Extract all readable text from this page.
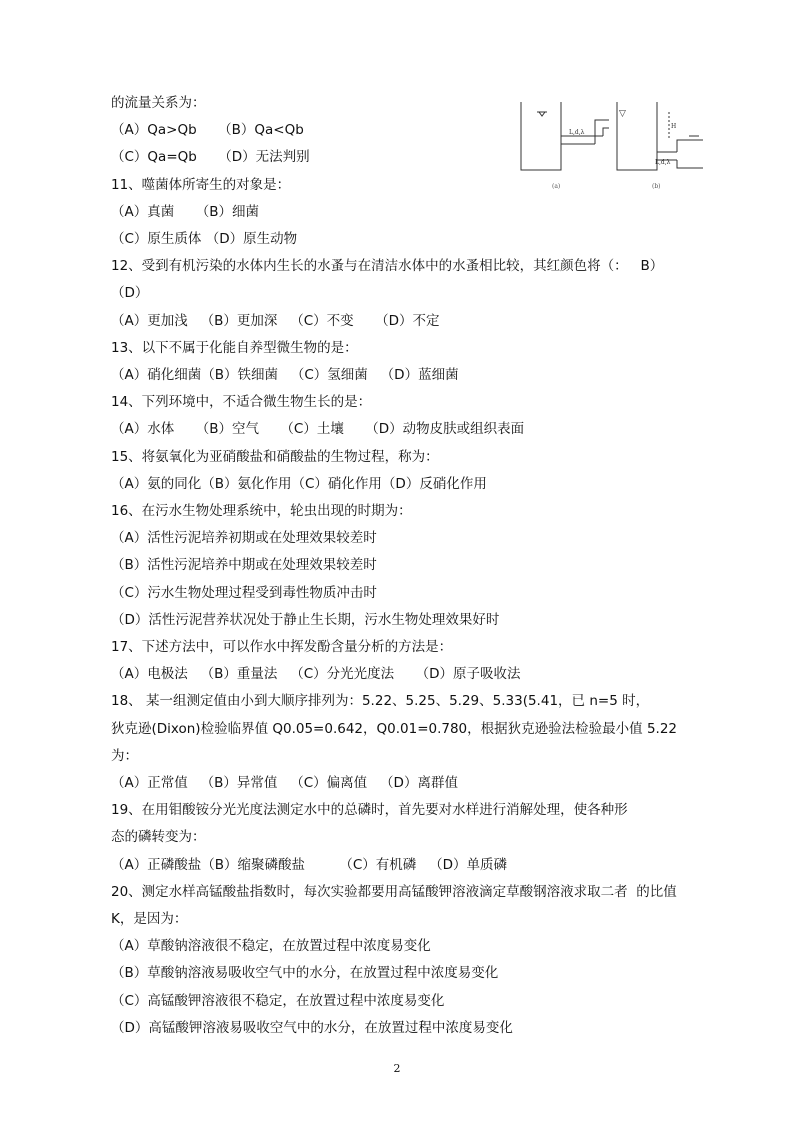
的流量关系为：
（A）Qa>Qb     （B）Qa<Qb
（C）Qa=Qb     （D）无法判别
11、噬菌体所寄生的对象是：
（A）真菌     （B）细菌
（C）原生质体 （D）原生动物
12、受到有机污染的水体内生长的水蚤与在清洁水体中的水蚤相比较，其红颜色将（：   B）
（D）
（A）更加浅   （B）更加深   （C）不变     （D）不定
13、以下不属于化能自养型微生物的是：
（A）硝化细菌（B）铁细菌   （C）氢细菌   （D）蓝细菌
14、下列环境中，不适合微生物生长的是：
（A）水体     （B）空气     （C）土壤     （D）动物皮肤或组织表面
15、将氨氧化为亚硝酸盐和硝酸盐的生物过程，称为：
（A）氨的同化（B）氨化作用（C）硝化作用（D）反硝化作用
16、在污水生物处理系统中，轮虫出现的时期为：
（A）活性污泥培养初期或在处理效果较差时
（B）活性污泥培养中期或在处理效果较差时
（C）污水生物处理过程受到毒性物质冲击时
（D）活性污泥营养状况处于静止生长期，污水生物处理效果好时
17、下述方法中，可以作水中挥发酚含量分析的方法是：
（A）电极法   （B）重量法   （C）分光光度法     （D）原子吸收法
18、 某一组测定值由小到大顺序排列为：5.22、5.25、5.29、5.33(5.41，已 n=5 时，
狄克逊(Dixon)检验临界值 Q0.05=0.642，Q0.01=0.780，根据狄克逊验法检验最小值 5.22
为：
（A）正常值   （B）异常值   （C）偏离值   （D）离群值
19、在用钼酸铵分光光度法测定水中的总磷时，首先要对水样进行消解处理，使各种形
态的磷转变为：
（A）正磷酸盐（B）缩聚磷酸盐        （C）有机磷   （D）单质磷
20、测定水样高锰酸盐指数时，每次实验都要用高锰酸钾溶液滴定草酸钢溶液求取二者  的比值
K，是因为：
（A）草酸钠溶液很不稳定，在放置过程中浓度易变化
（B）草酸钠溶液易吸收空气中的水分，在放置过程中浓度易变化
（C）高锰酸钾溶液很不稳定，在放置过程中浓度易变化
（D）高锰酸钾溶液易吸收空气中的水分，在放置过程中浓度易变化
L,d,λ
(a)
▽
H
L,d,λ
(b)
2
